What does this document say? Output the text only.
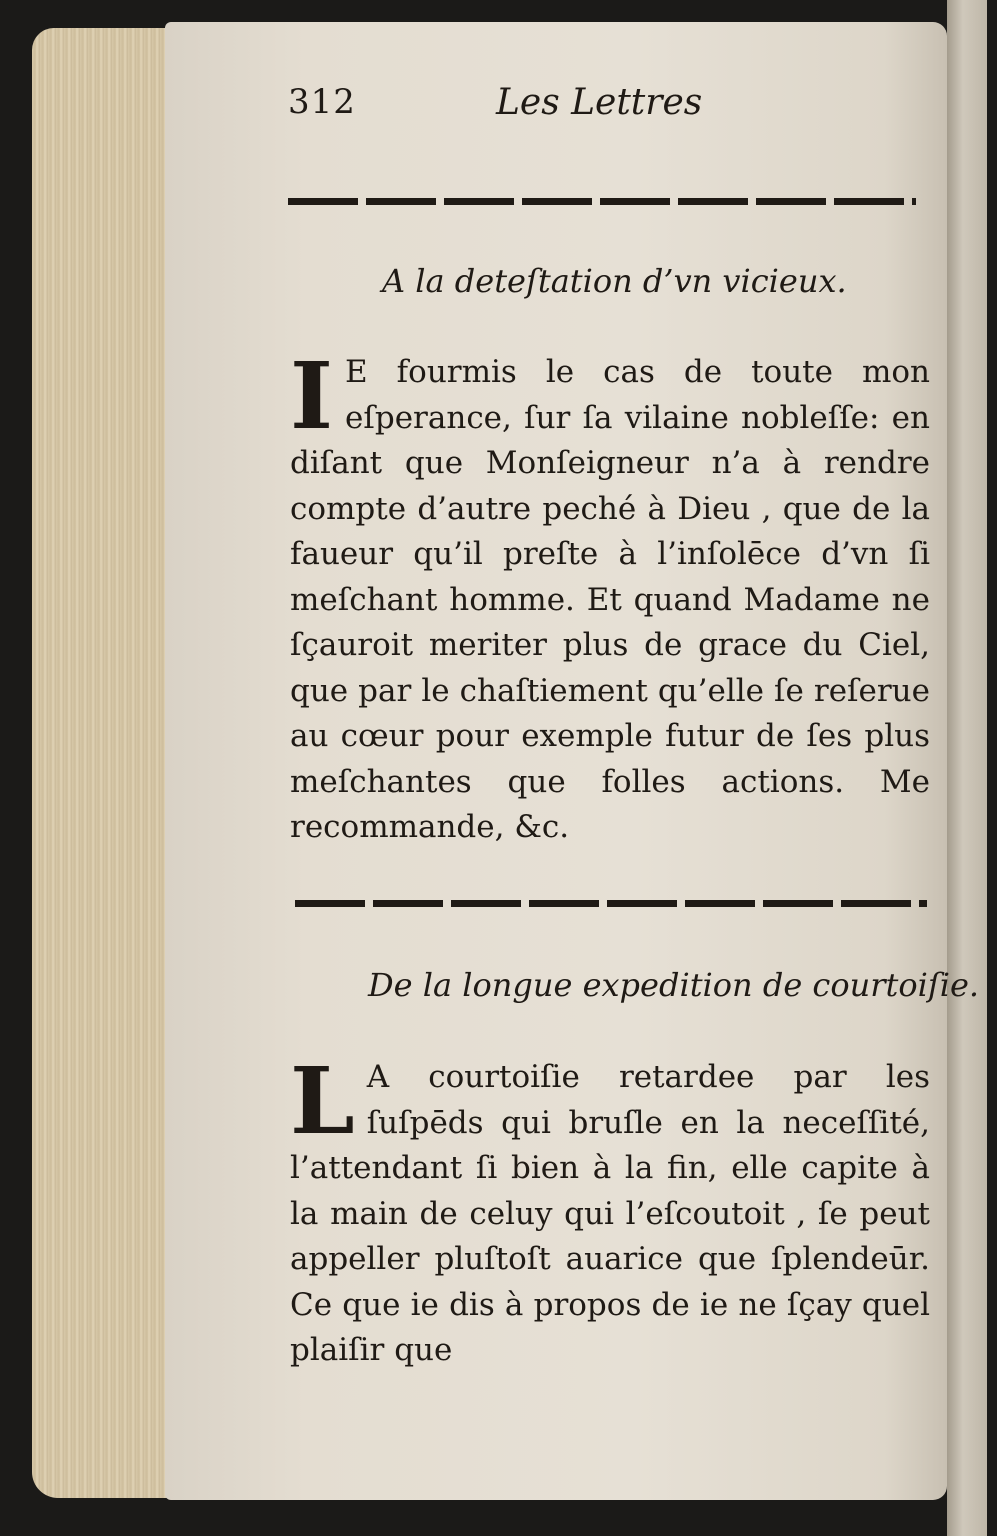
312	Les Lettres
A la deteſtation d’vn vicieux.
I E fourmis le cas de toute mon eſperance, ſur ſa vilaine nobleſſe: en diſant que Monſeigneur n’a à rendre compte d’autre peché à Dieu , que de la faueur qu’il preſte à l’inſolēce d’vn ſi meſchant homme. Et quand Madame ne ſçauroit meriter plus de grace du Ciel, que par le chaſtiement qu’elle ſe reſerue au cœur pour exemple futur de ſes plus meſchantes que folles actions. Me recommande, &c.
De la longue expedition de courtoiſie.
L A courtoiſie retardee par les ſuſpēds qui bruſle en la neceſſité, l’attendant ſi bien à la fin, elle capite à la main de celuy qui l’eſcoutoit , ſe peut appeller pluſtoſt auarice que ſplendeūr. Ce que ie dis à propos de ie ne ſçay quel plaiſir que
